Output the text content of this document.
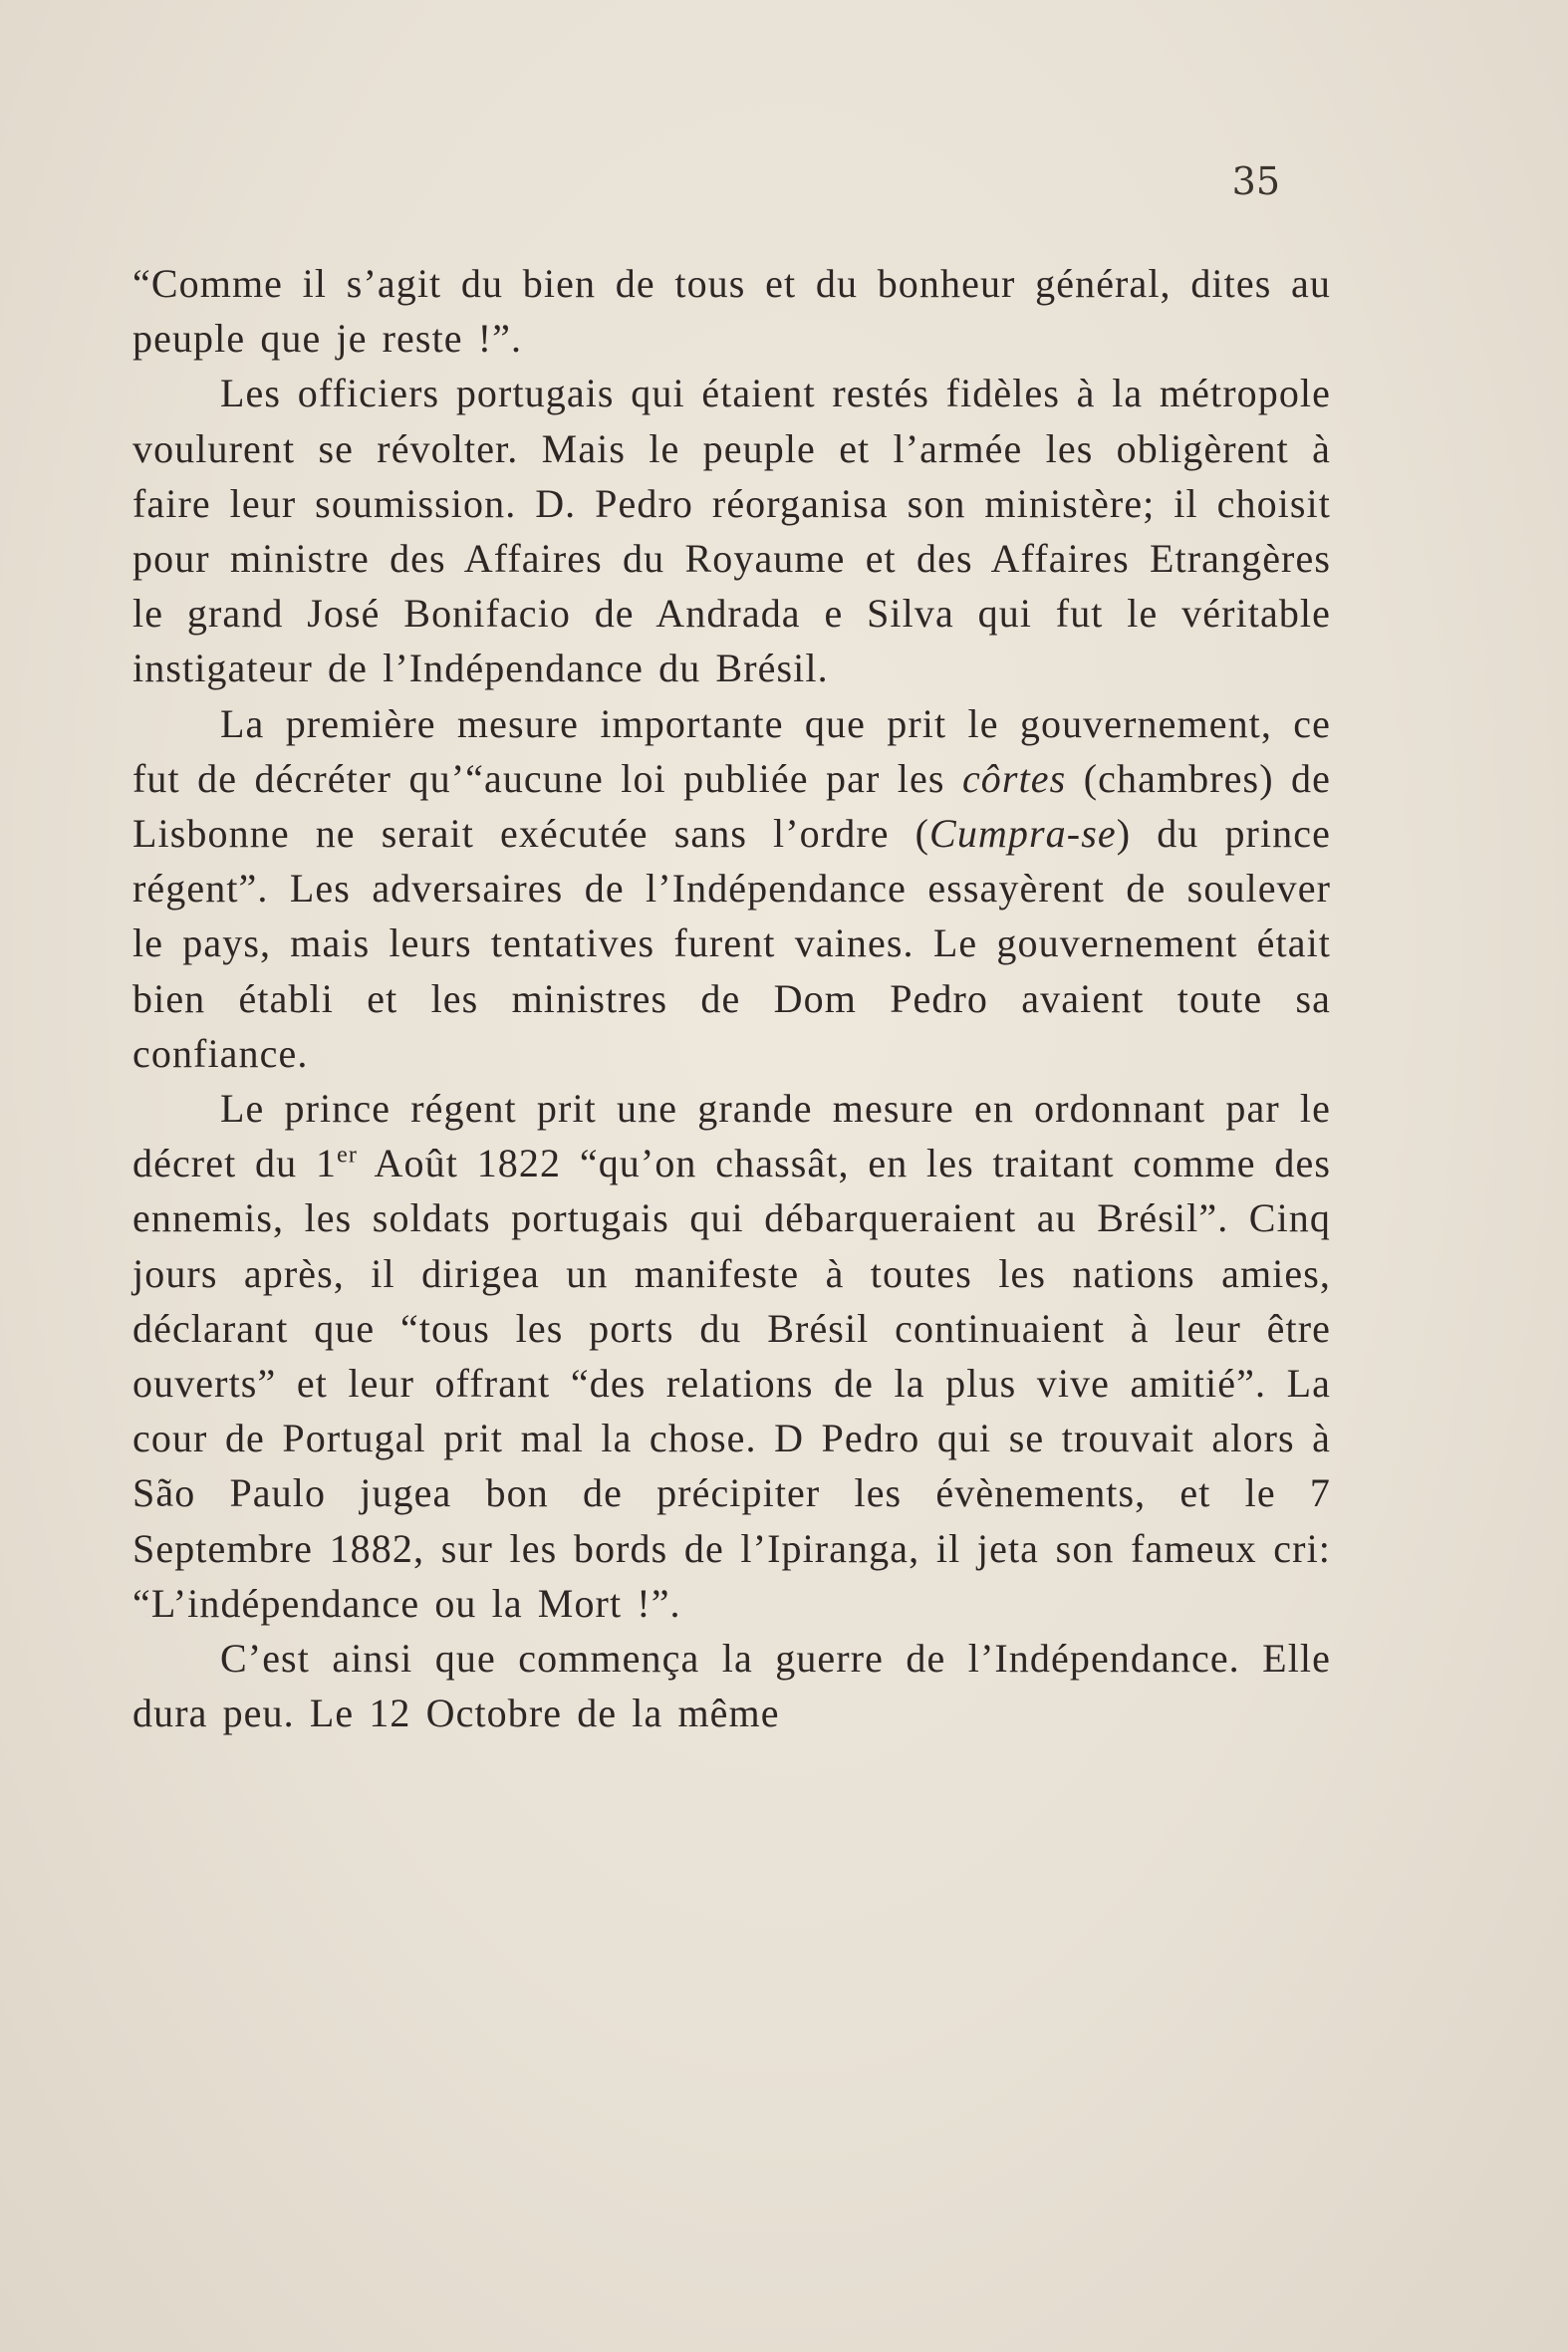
35

“Comme il s’agit du bien de tous et du bonheur général, dites au peuple que je reste !”.

Les officiers portugais qui étaient restés fidèles à la métropole voulurent se révolter. Mais le peuple et l’armée les obligèrent à faire leur soumission. D. Pedro réorganisa son ministère; il choisit pour ministre des Affaires du Royaume et des Affaires Etrangères le grand José Bonifacio de Andrada e Silva qui fut le véritable instigateur de l’Indépendance du Brésil.

La première mesure importante que prit le gouvernement, ce fut de décréter qu’“aucune loi publiée par les côrtes (chambres) de Lisbonne ne serait exécutée sans l’ordre (Cumpra-se) du prince régent”. Les adversaires de l’Indépendance essayèrent de soulever le pays, mais leurs tentatives furent vaines. Le gouvernement était bien établi et les ministres de Dom Pedro avaient toute sa confiance.

Le prince régent prit une grande mesure en ordonnant par le décret du 1er Août 1822 “qu’on chassât, en les traitant comme des ennemis, les soldats portugais qui débarqueraient au Brésil”. Cinq jours après, il dirigea un manifeste à toutes les nations amies, déclarant que “tous les ports du Brésil continuaient à leur être ouverts” et leur offrant “des relations de la plus vive amitié”. La cour de Portugal prit mal la chose. D Pedro qui se trouvait alors à São Paulo jugea bon de précipiter les évènements, et le 7 Septembre 1882, sur les bords de l’Ipiranga, il jeta son fameux cri: “L’indépendance ou la Mort !”.

C’est ainsi que commença la guerre de l’Indépendance. Elle dura peu. Le 12 Octobre de la même
